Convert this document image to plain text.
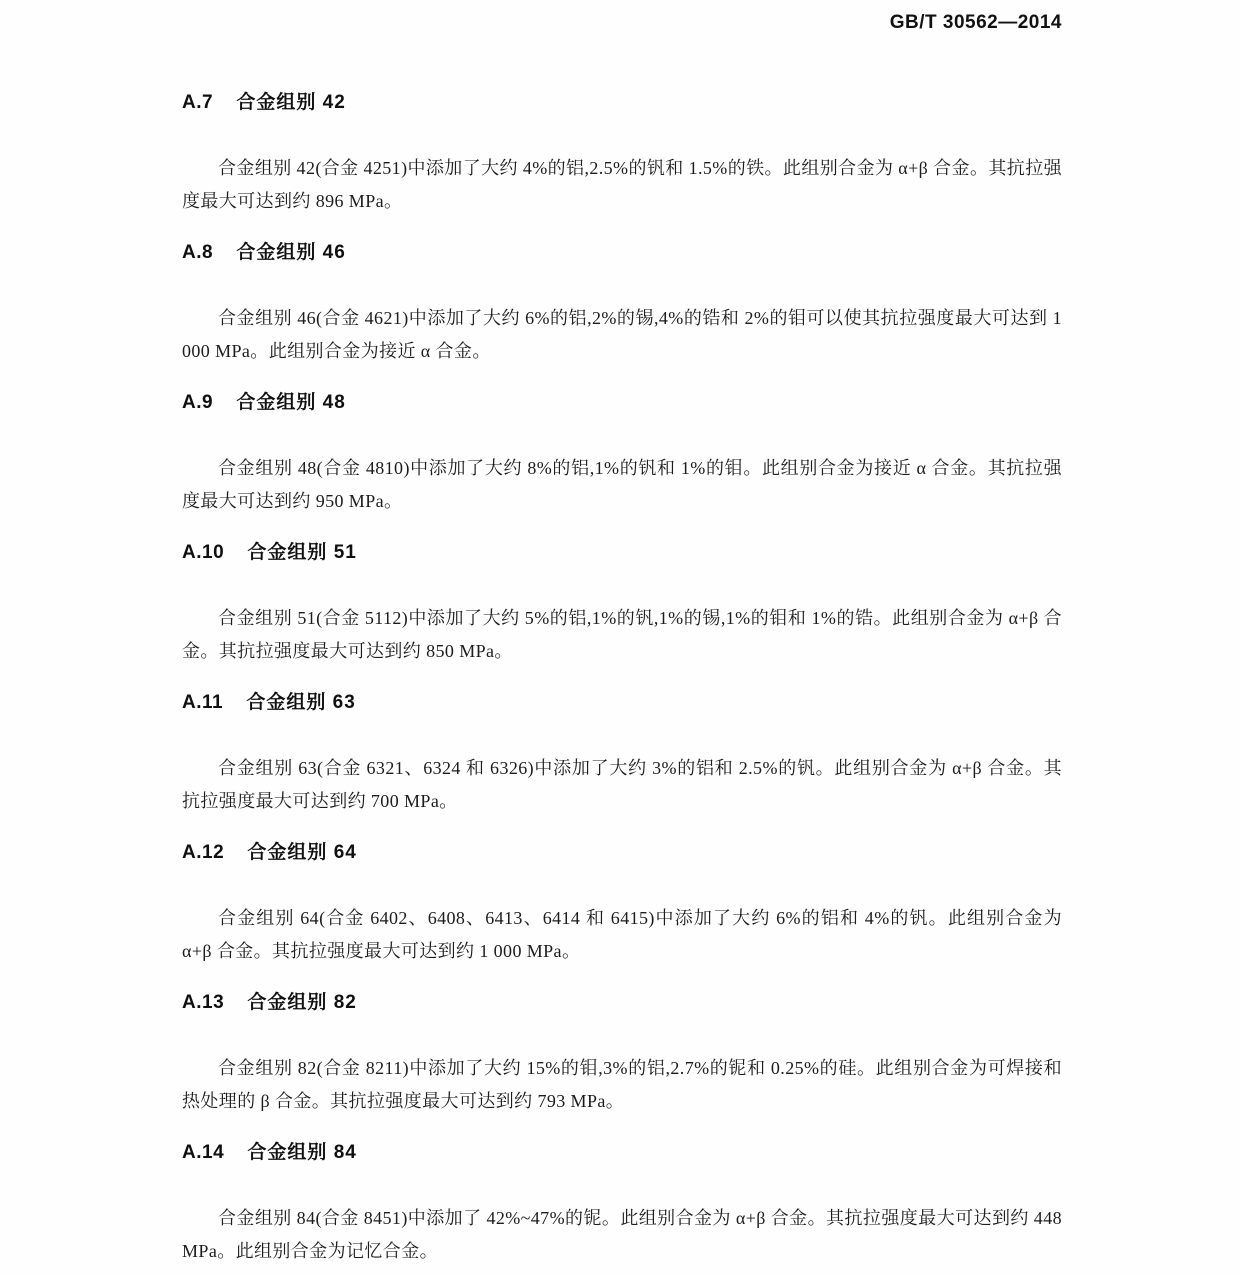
GB/T 30562—2014
A.7 合金组别 42

合金组别 42(合金 4251)中添加了大约 4%的铝,2.5%的钒和 1.5%的铁。此组别合金为 α+β 合金。其抗拉强度最大可达到约 896 MPa。

A.8 合金组别 46

合金组别 46(合金 4621)中添加了大约 6%的铝,2%的锡,4%的锆和 2%的钼可以使其抗拉强度最大可达到 1 000 MPa。此组别合金为接近 α 合金。

A.9 合金组别 48

合金组别 48(合金 4810)中添加了大约 8%的铝,1%的钒和 1%的钼。此组别合金为接近 α 合金。其抗拉强度最大可达到约 950 MPa。

A.10 合金组别 51

合金组别 51(合金 5112)中添加了大约 5%的铝,1%的钒,1%的锡,1%的钼和 1%的锆。此组别合金为 α+β 合金。其抗拉强度最大可达到约 850 MPa。

A.11 合金组别 63

合金组别 63(合金 6321、6324 和 6326)中添加了大约 3%的铝和 2.5%的钒。此组别合金为 α+β 合金。其抗拉强度最大可达到约 700 MPa。

A.12 合金组别 64

合金组别 64(合金 6402、6408、6413、6414 和 6415)中添加了大约 6%的铝和 4%的钒。此组别合金为 α+β 合金。其抗拉强度最大可达到约 1 000 MPa。

A.13 合金组别 82

合金组别 82(合金 8211)中添加了大约 15%的钼,3%的铝,2.7%的铌和 0.25%的硅。此组别合金为可焊接和热处理的 β 合金。其抗拉强度最大可达到约 793 MPa。

A.14 合金组别 84

合金组别 84(合金 8451)中添加了 42%~47%的铌。此组别合金为 α+β 合金。其抗拉强度最大可达到约 448 MPa。此组别合金为记忆合金。
